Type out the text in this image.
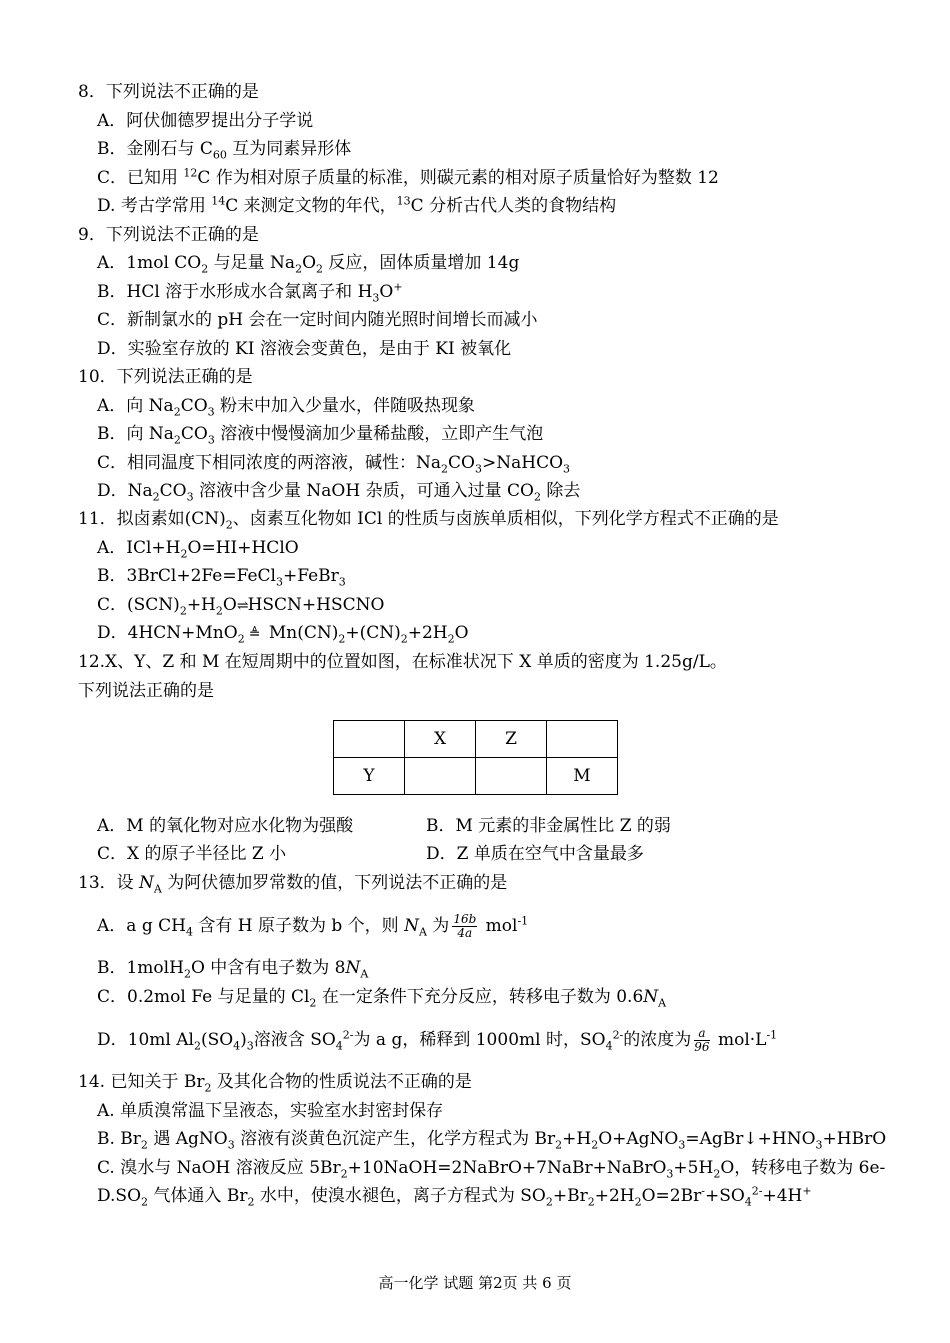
8．下列说法不正确的是
A．阿伏伽德罗提出分子学说
B．金刚石与 $C_{60}$ 互为同素异形体
C．已知用 $^{12}$C 作为相对原子质量的标准，则碳元素的相对原子质量恰好为整数 12
D. 考古学常用 $^{14}$C 来测定文物的年代，$^{13}$C 分析古代人类的食物结构
9．下列说法不正确的是
A．1mol $CO_2$ 与足量 $Na_2O_2$ 反应，固体质量增加 14g
B．HCl 溶于水形成水合氯离子和 $H_3O^+$
C．新制氯水的 pH 会在一定时间内随光照时间增长而减小
D．实验室存放的 KI 溶液会变黄色，是由于 KI 被氧化
10．下列说法正确的是
A．向 $Na_2CO_3$ 粉末中加入少量水，伴随吸热现象
B．向 $Na_2CO_3$ 溶液中慢慢滴加少量稀盐酸，立即产生气泡
C．相同温度下相同浓度的两溶液，碱性：$Na_2CO_3>NaHCO_3$
D．$Na_2CO_3$ 溶液中含少量 NaOH 杂质，可通入过量 $CO_2$ 除去
11．拟卤素如$(CN)_2$、卤素互化物如 ICl 的性质与卤族单质相似，下列化学方程式不正确的是
A．$ICl+H_2O=HI+HClO$
B．3BrCl+2Fe=FeCl$_3$+FeBr$_3$
C．$(SCN)_2+H_2O\rightleftharpoons HSCN+HSCNO$
D．4HCN+MnO$_2$ ≜ $Mn(CN)_2+(CN)_2+2H_2O$
12.X、Y、Z 和 M 在短周期中的位置如图，在标准状况下 X 单质的密度为 1.25g/L。
下列说法正确的是
	X	Z	
Y			M
A．M 的氧化物对应水化物为强酸	B．M 元素的非金属性比 Z 的弱
C．X 的原子半径比 Z 小	D．Z 单质在空气中含量最多
13．设 $N_A$ 为阿伏德加罗常数的值，下列说法不正确的是
A．a g $CH_4$ 含有 H 原子数为 b 个，则 $N_A$ 为 $\frac{16b}{4a} mol^{-1}$
B．1molH$_2$O 中含有电子数为 $8N_A$
C．0.2mol Fe 与足量的 $Cl_2$ 在一定条件下充分反应，转移电子数为 $0.6N_A$
D．10ml $Al_2(SO_4)_3$溶液含 $SO_4^{2-}$为 a g，稀释到 1000ml 时，$SO_4^{2-}$的浓度为 $\frac{a}{96} mol\cdot L^{-1}$
14. 已知关于 $Br_2$ 及其化合物的性质说法不正确的是
A. 单质溴常温下呈液态，实验室水封密封保存
B. $Br_2$ 遇 AgNO$_3$ 溶液有淡黄色沉淀产生，化学方程式为 $Br_2+H_2O+AgNO_3=AgBr↓+HNO_3+HBrO$
C. 溴水与 NaOH 溶液反应 $5Br_2+10NaOH=2NaBrO+7NaBr+NaBrO_3+5H_2O$，转移电子数为 6e-
$D.SO_2$ 气体通入 $Br_2$ 水中，使溴水褪色，离子方程式为 $SO_2+Br_2+2H_2O=2Br^-+SO_4^{2-}+4H^+$
高一化学 试题 第2页 共 6 页
